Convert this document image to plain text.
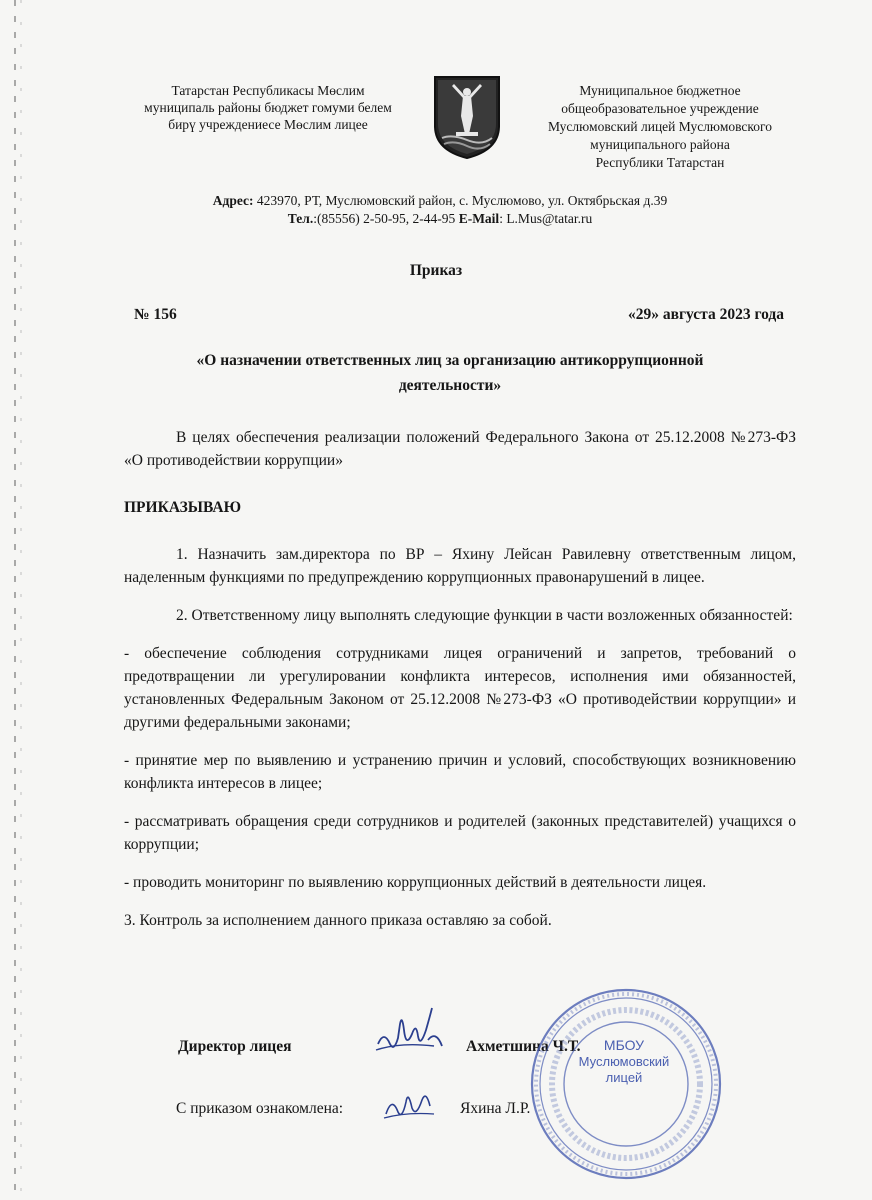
Татарстан Республикасы Мөслим
муниципаль районы бюджет гомуми белем
бирү учреждениесе Мөслим лицее
Муниципальное бюджетное
общеобразовательное учреждение
Муслюмовский лицей Муслюмовского
муниципального района
Республики Татарстан
Адрес: 423970, РТ, Муслюмовский район, с. Муслюмово, ул. Октябрьская д.39
Тел.:(85556) 2-50-95, 2-44-95 E-Mail: L.Mus@tatar.ru
Приказ
№ 156	«29» августа 2023 года
«О назначении ответственных лиц за организацию антикоррупционной
деятельности»

В целях обеспечения реализации положений Федерального Закона от 25.12.2008 №273-ФЗ «О противодействии коррупции»

ПРИКАЗЫВАЮ

1. Назначить зам.директора по ВР – Яхину Лейсан Равилевну ответственным лицом, наделенным функциями по предупреждению коррупционных правонарушений в лицее.

2. Ответственному лицу выполнять следующие функции в части возложенных обязанностей:

- обеспечение соблюдения сотрудниками лицея ограничений и запретов, требований о предотвращении ли урегулировании конфликта интересов, исполнения ими обязанностей, установленных Федеральным Законом от 25.12.2008 №273-ФЗ «О противодействии коррупции» и другими федеральными законами;

- принятие мер по выявлению и устранению причин и условий, способствующих возникновению конфликта интересов в лицее;

- рассматривать обращения среди сотрудников и родителей (законных представителей) учащихся о коррупции;

- проводить мониторинг по выявлению коррупционных действий в деятельности лицея.

3. Контроль за исполнением данного приказа оставляю за собой.

Директор лицея	Ахметшина Ч.Т.
С приказом ознакомлена:	Яхина Л.Р.
МБОУ
Муслюмовский
лицей
